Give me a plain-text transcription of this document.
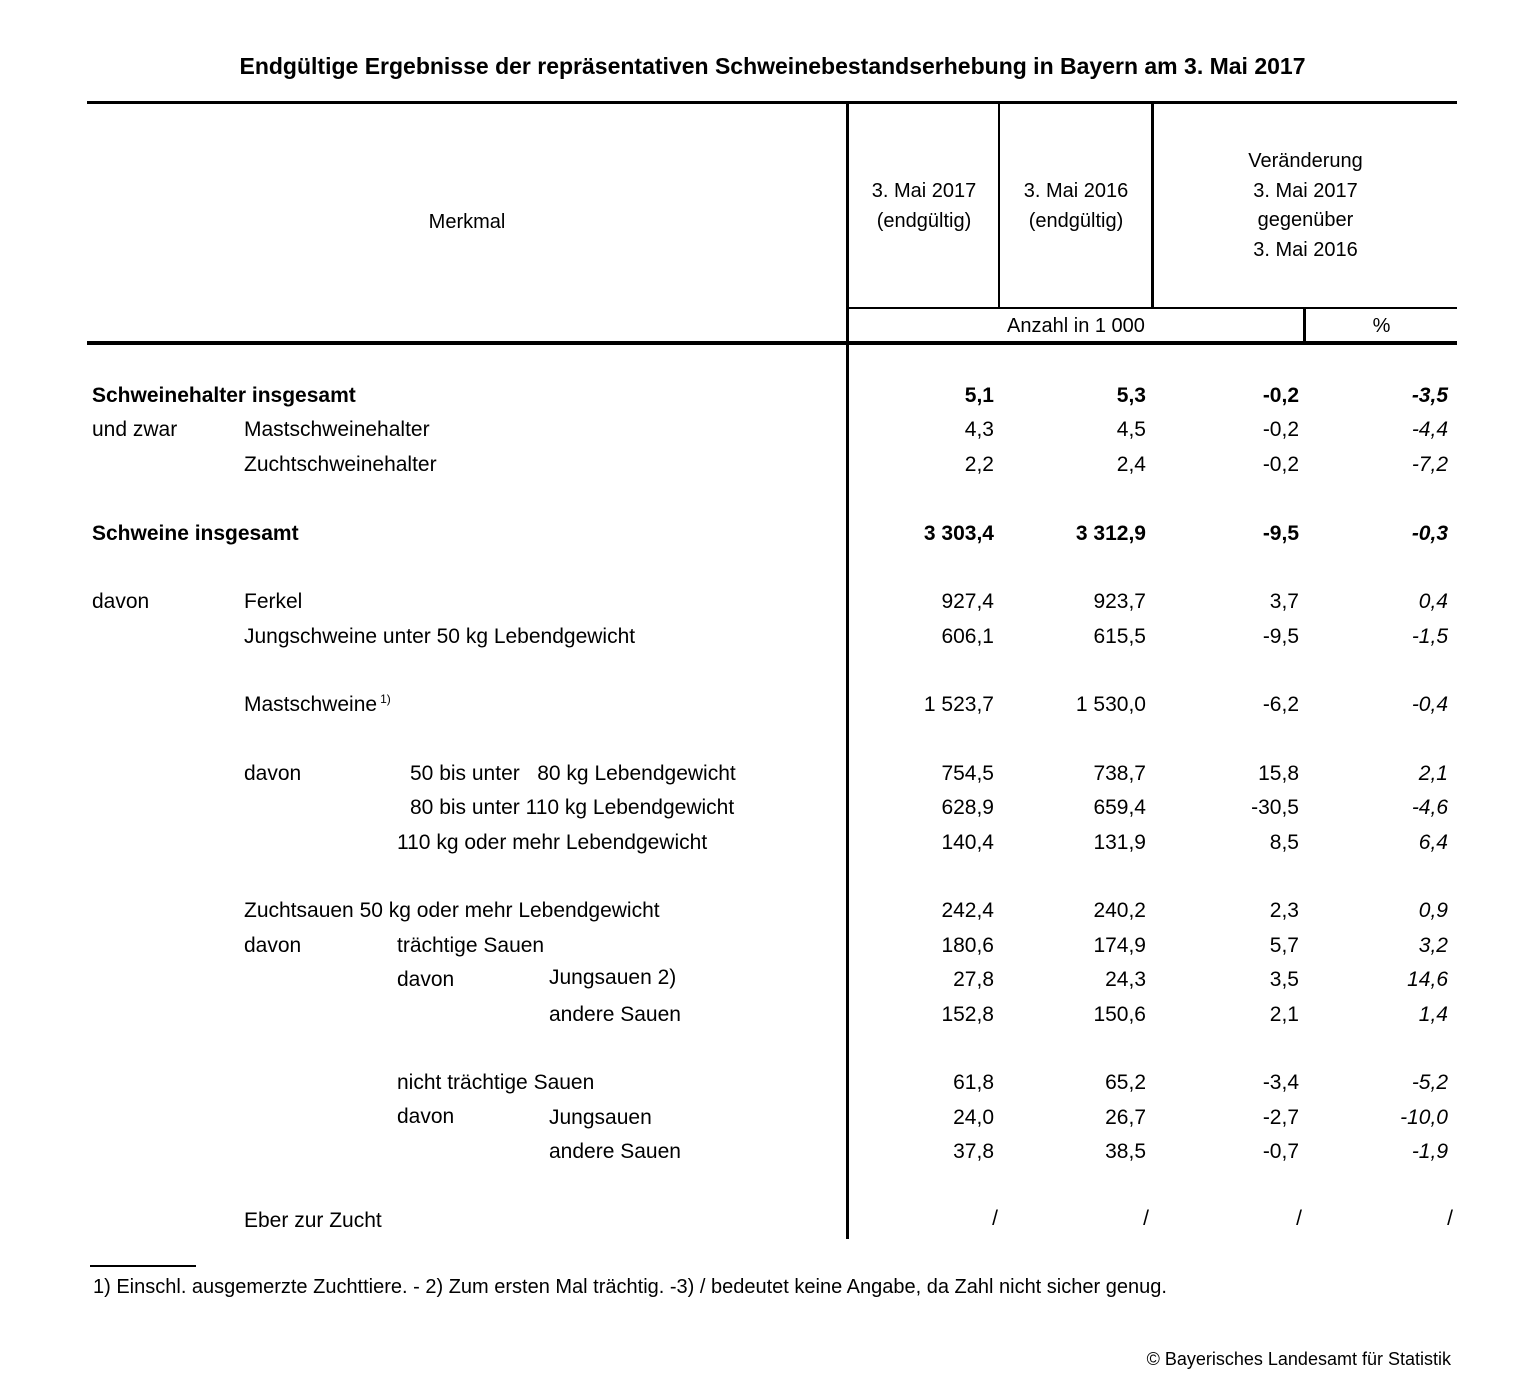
Endgültige Ergebnisse der repräsentativen Schweinebestandserhebung in Bayern am 3. Mai 2017
Merkmal
3. Mai 2017
(endgültig)
3. Mai 2016
(endgültig)
Veränderung
3. Mai 2017
gegenüber
3. Mai 2016
Anzahl in 1 000	%
Schweinehalter insgesamt	5,1	5,3	-0,2	-3,5
und zwar	Mastschweinehalter	4,3	4,5	-0,2	-4,4
Zuchtschweinehalter	2,2	2,4	-0,2	-7,2
Schweine insgesamt	3 303,4	3 312,9	-9,5	-0,3
davon	Ferkel	927,4	923,7	3,7	0,4
Jungschweine unter 50 kg Lebendgewicht	606,1	615,5	-9,5	-1,5
Mastschweine $^{1)}$	1 523,7	1 530,0	-6,2	-0,4
davon	50 bis unter   80 kg Lebendgewicht	754,5	738,7	15,8	2,1
80 bis unter 110 kg Lebendgewicht	628,9	659,4	-30,5	-4,6
110 kg oder mehr Lebendgewicht	140,4	131,9	8,5	6,4
Zuchtsauen 50 kg oder mehr Lebendgewicht	242,4	240,2	2,3	0,9
davon	trächtige Sauen	180,6	174,9	5,7	3,2
davon	Jungsauen 2)	27,8	24,3	3,5	14,6
andere Sauen	152,8	150,6	2,1	1,4
nicht trächtige Sauen	61,8	65,2	-3,4	-5,2
davon	Jungsauen	24,0	26,7	-2,7	-10,0
andere Sauen	37,8	38,5	-0,7	-1,9
Eber zur Zucht	/	/	/	/
1) Einschl. ausgemerzte Zuchttiere. - 2) Zum ersten Mal trächtig. -3) / bedeutet keine Angabe, da Zahl nicht sicher genug.
© Bayerisches Landesamt für Statistik
